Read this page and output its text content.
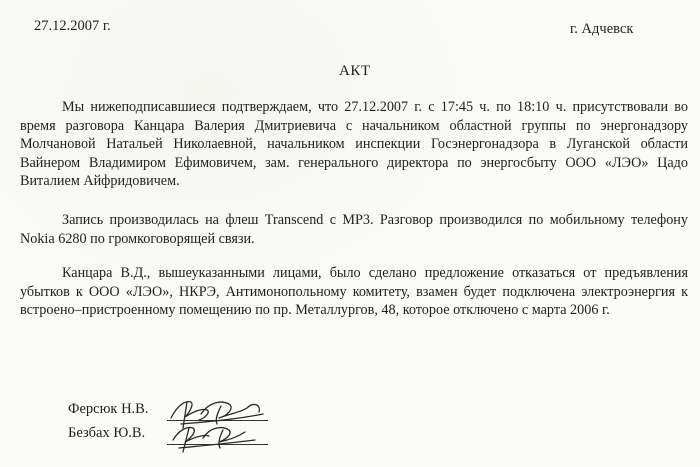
27.12.2007 г.	г. Адчевск
АКТ

Мы нижеподписавшиеся подтверждаем, что 27.12.2007 г. с 17:45 ч. по 18:10 ч. присутствовали во время разговора Канцара Валерия Дмитриевича с начальником областной группы по энергонадзору Молчановой Натальей Николаевной, начальником инспекции Госэнергонадзора в Луганской области Вайнером Владимиром Ефимовичем, зам. генерального директора по энергосбыту ООО «ЛЭО» Цадо Виталием Айфридовичем.

Запись производилась на флеш Transcend с MP3. Разговор производился по мобильному телефону Nokia 6280 по громкоговорящей связи.

Канцара В.Д., вышеуказанными лицами, было сделано предложение отказаться от предъявления убытков к ООО «ЛЭО», НКРЭ, Антимонопольному комитету, взамен будет подключена электроэнергия к встроено–пристроенному помещению по пр. Металлургов, 48, которое отключено с марта 2006 г.

Ферсюк Н.В.
Безбах Ю.В.
